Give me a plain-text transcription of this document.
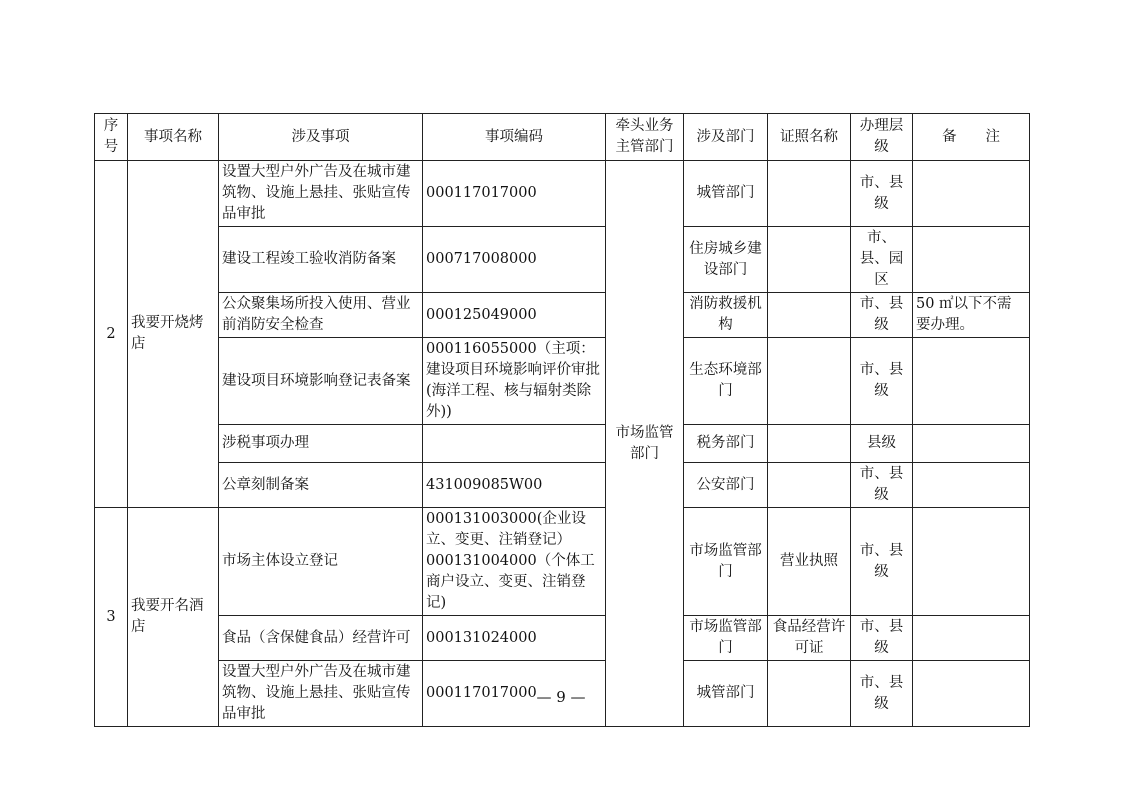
序号	事项名称	涉及事项	事项编码	牵头业务主管部门	涉及部门	证照名称	办理层级	备　　注
2	我要开烧烤店	设置大型户外广告及在城市建筑物、设施上悬挂、张贴宣传品审批	000117017000	市场监管部门	城管部门		市、县级	
		建设工程竣工验收消防备案	000717008000		住房城乡建设部门		市、县、园区	
		公众聚集场所投入使用、营业前消防安全检查	000125049000		消防救援机构		市、县级	50 ㎡以下不需要办理。
		建设项目环境影响登记表备案	000116055000（主项：建设项目环境影响评价审批(海洋工程、核与辐射类除外))		生态环境部门		市、县级	
		涉税事项办理			税务部门		县级	
		公章刻制备案	431009085W00		公安部门		市、县级	
3	我要开名酒店	市场主体设立登记	000131003000(企业设立、变更、注销登记）000131004000（个体工商户设立、变更、注销登记)		市场监管部门	营业执照	市、县级	
		食品（含保健食品）经营许可	000131024000		市场监管部门	食品经营许可证	市、县级	
		设置大型户外广告及在城市建筑物、设施上悬挂、张贴宣传品审批	000117017000		城管部门		市、县级	
— 9 —
